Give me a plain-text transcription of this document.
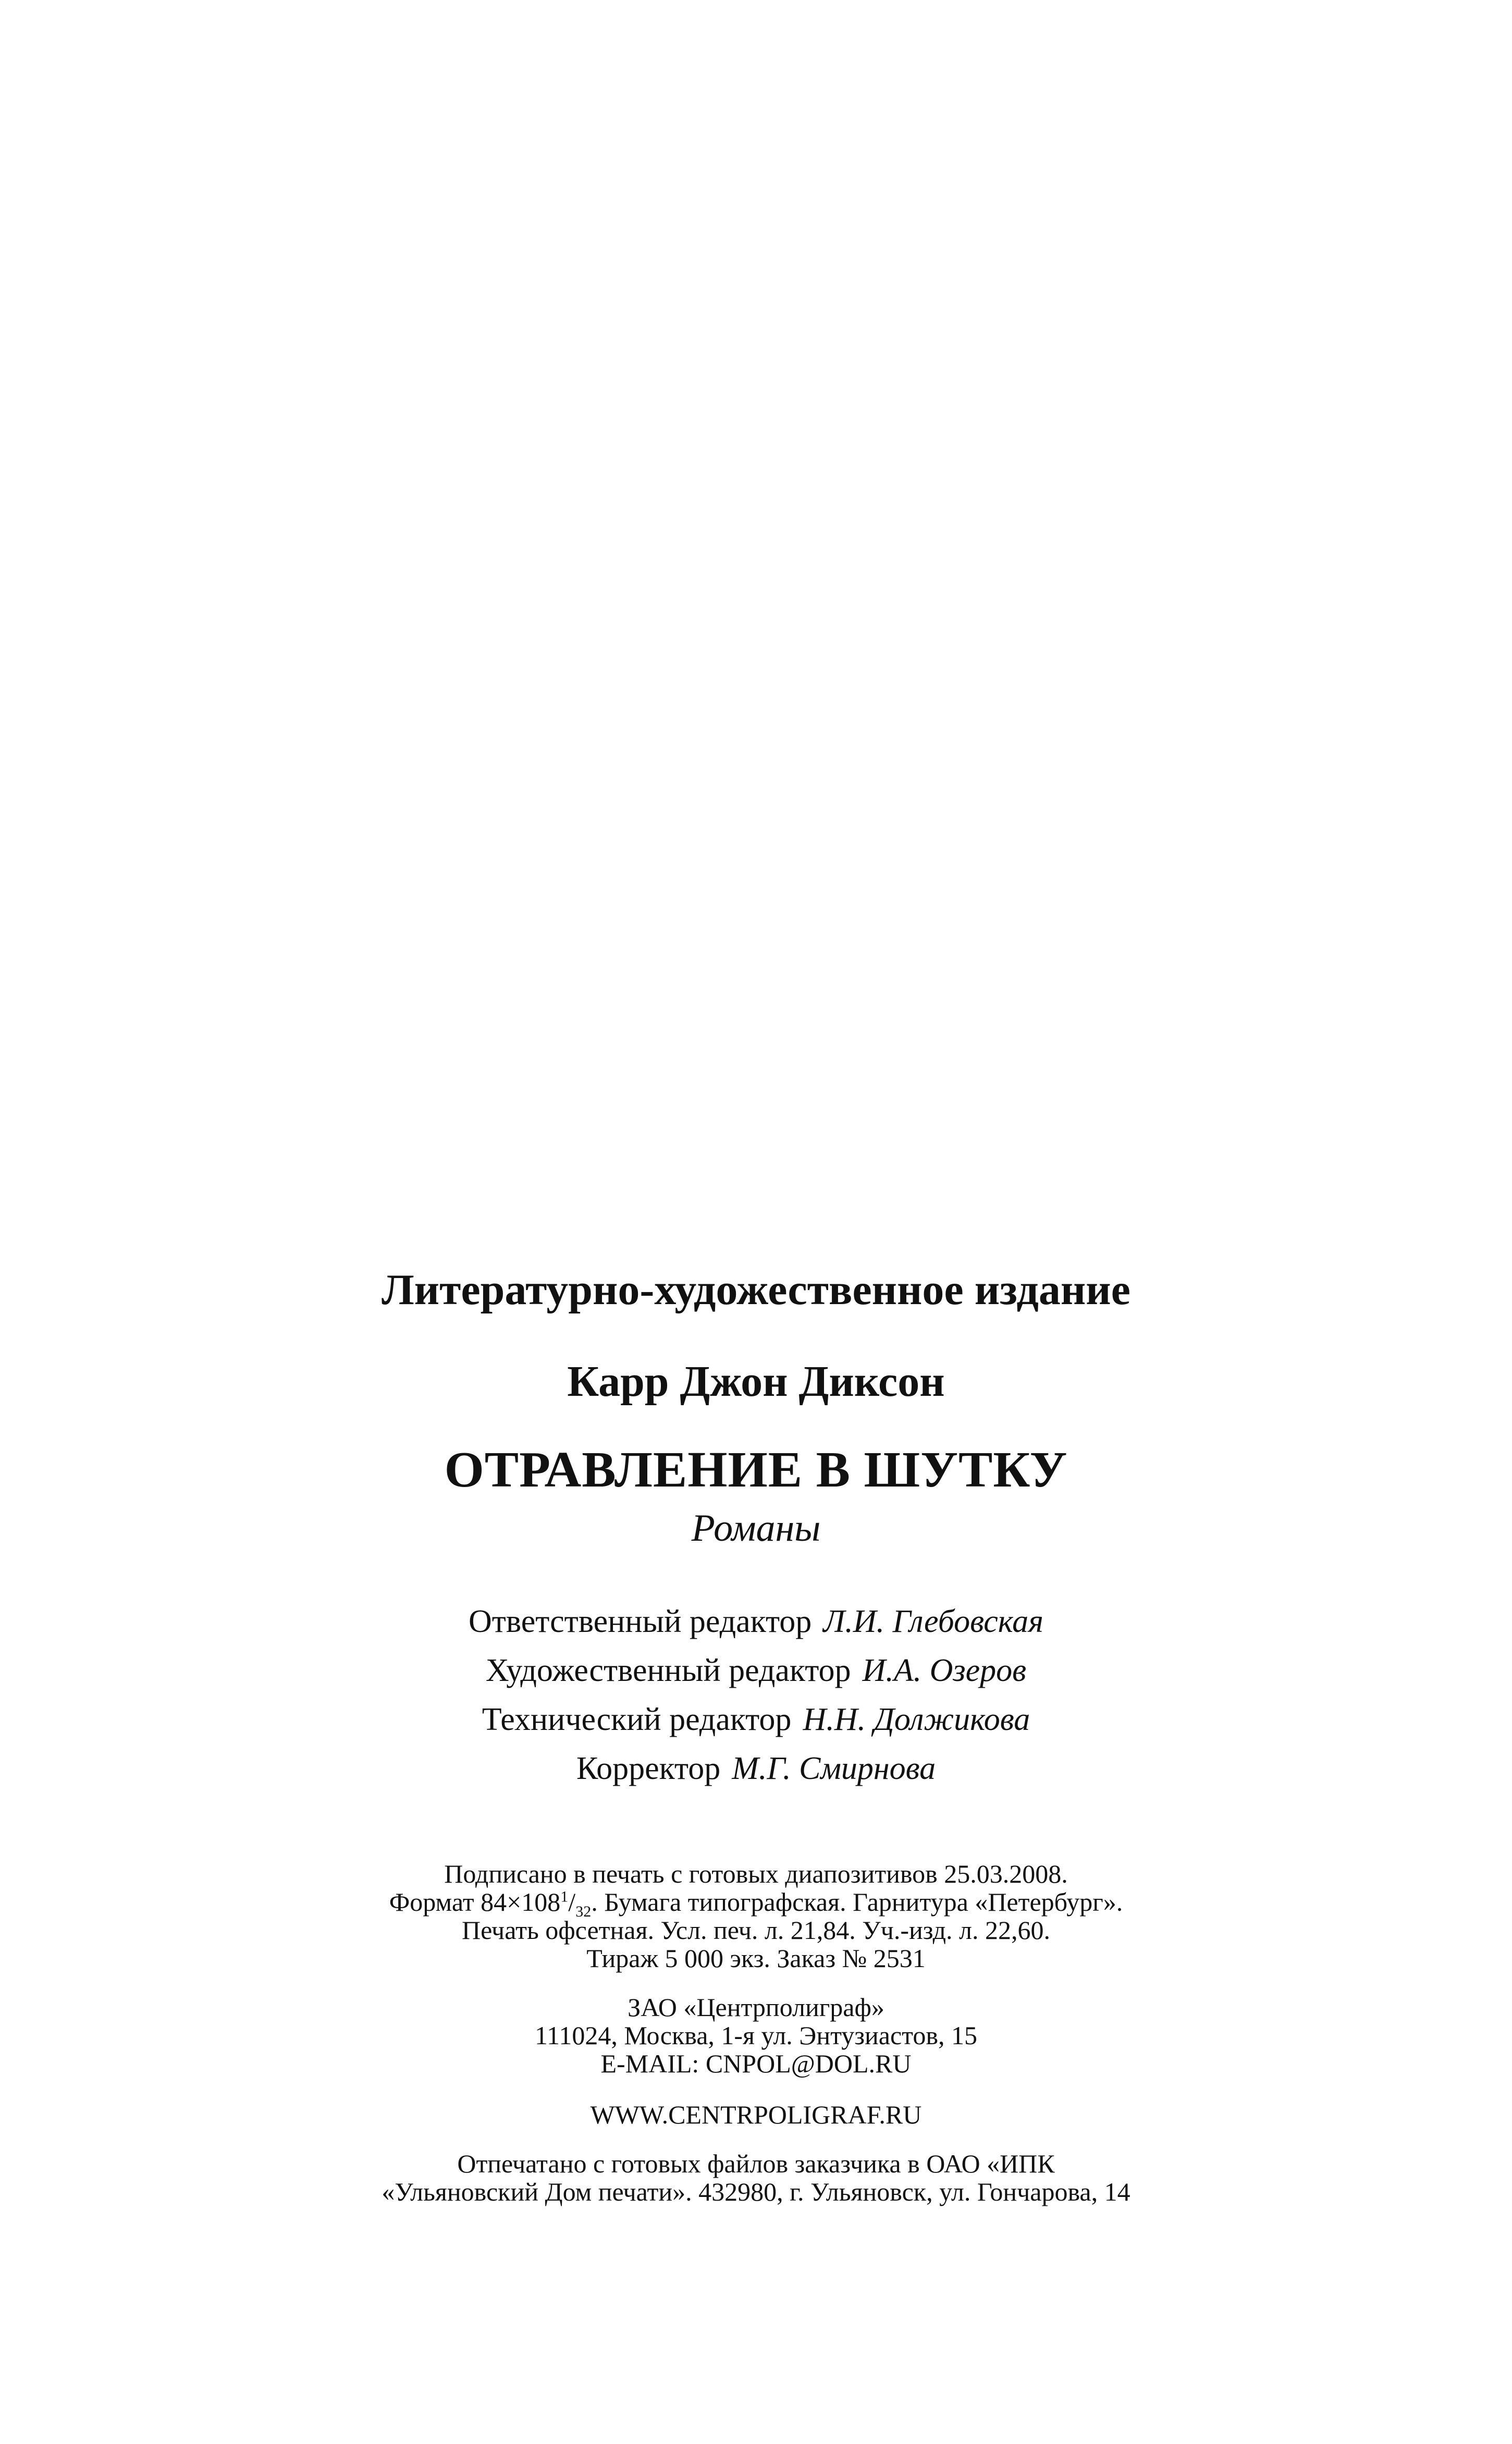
Литературно-художественное издание
Карр Джон Диксон
ОТРАВЛЕНИЕ В ШУТКУ
Романы
Ответственный редактор Л.И. Глебовская
Художественный редактор И.А. Озеров
Технический редактор Н.Н. Должикова
Корректор М.Г. Смирнова
Подписано в печать с готовых диапозитивов 25.03.2008.
Формат $84\times 108^1/_{32}$. Бумага типографская. Гарнитура «Петербург».
Печать офсетная. Усл. печ. л. 21,84. Уч.-изд. л. 22,60.
Тираж 5 000 экз. Заказ № 2531
ЗАО «Центрполиграф»
111024, Москва, 1-я ул. Энтузиастов, 15
E-MAIL: CNPOL@DOL.RU
WWW.CENTRPOLIGRAF.RU
Отпечатано с готовых файлов заказчика в ОАО «ИПК
«Ульяновский Дом печати». 432980, г. Ульяновск, ул. Гончарова, 14
